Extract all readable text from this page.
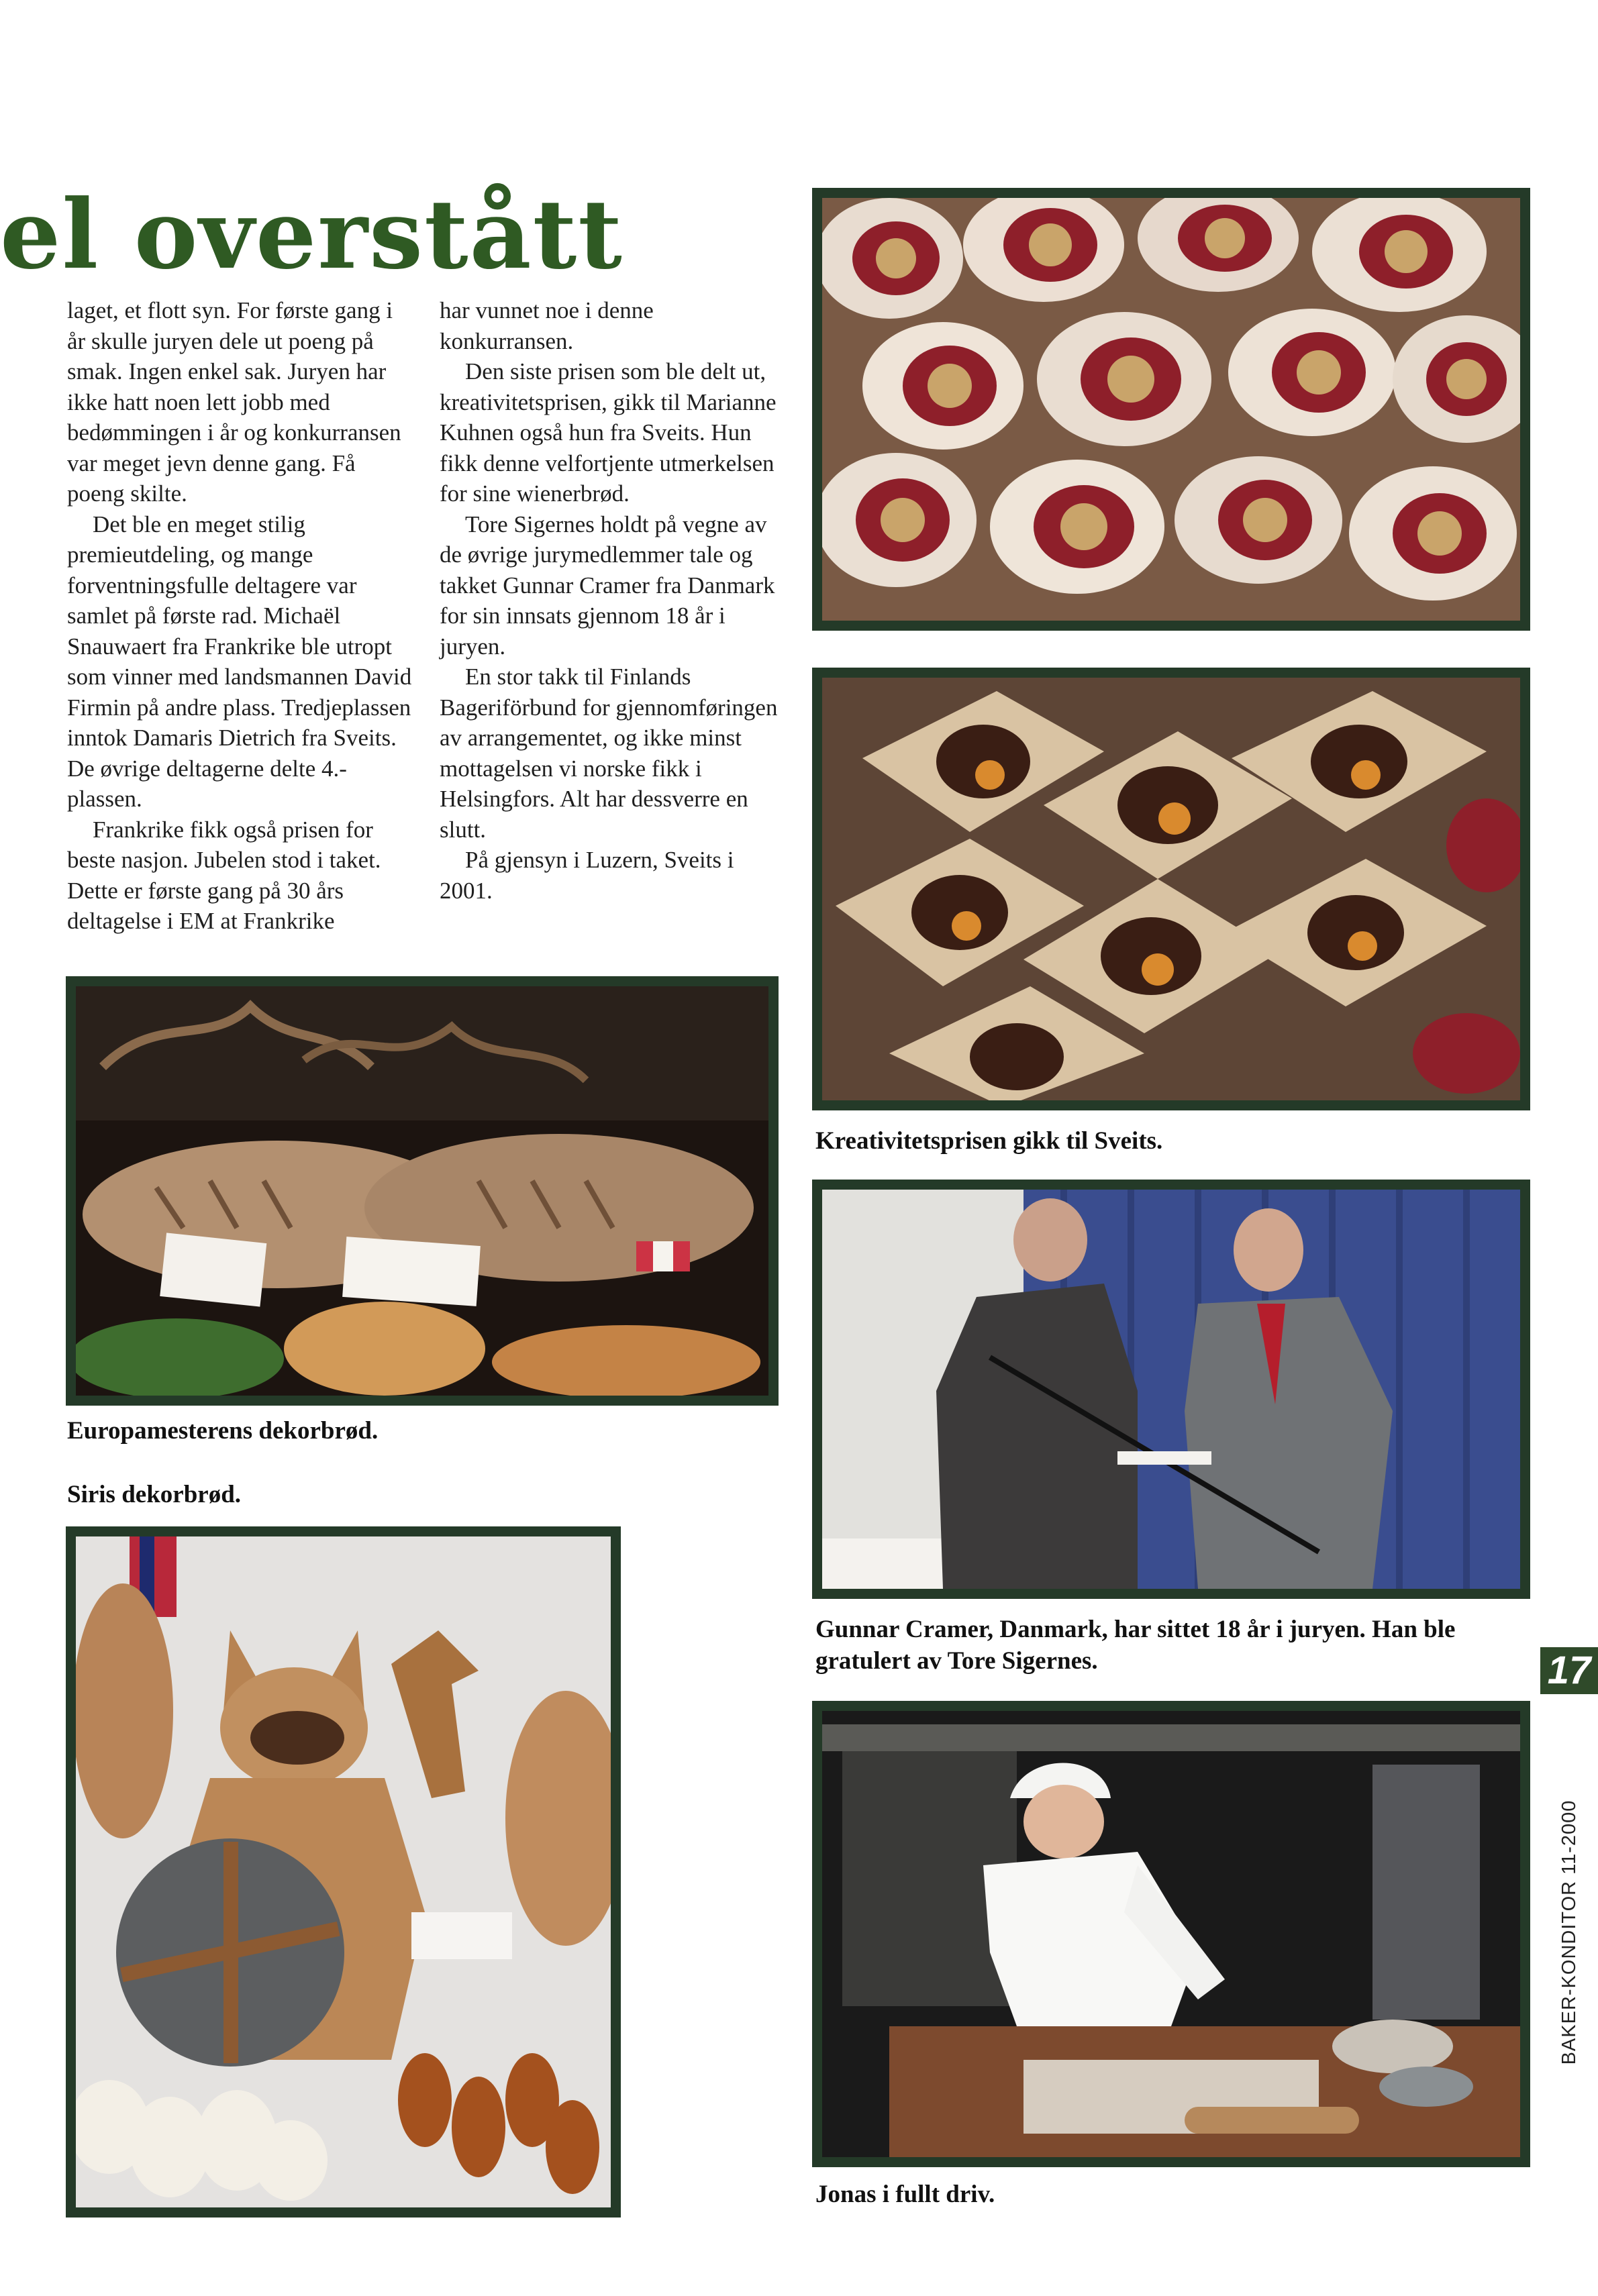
el overstått

laget, et flott syn. For første gang i år skulle juryen dele ut poeng på smak. Ingen enkel sak. Juryen har ikke hatt noen lett jobb med bedømmingen i år og konkurransen var meget jevn denne gang. Få poeng skilte.

Det ble en meget stilig premieutdeling, og mange forventningsfulle deltagere var samlet på første rad. Michaël Snauwaert fra Frankrike ble utropt som vinner med landsmannen David Firmin på andre plass. Tredjeplassen inntok Damaris Dietrich fra Sveits. De øvrige deltagerne delte 4.-plassen.

Frankrike fikk også prisen for beste nasjon. Jubelen stod i taket. Dette er første gang på 30 års deltagelse i EM at Frankrike

har vunnet noe i denne konkurransen.

Den siste prisen som ble delt ut, kreativitetsprisen, gikk til Marianne Kuhnen også hun fra Sveits. Hun fikk denne velfortjente utmerkelsen for sine wienerbrød.

Tore Sigernes holdt på vegne av de øvrige jurymedlemmer tale og takket Gunnar Cramer fra Danmark for sin innsats gjennom 18 år i juryen.

En stor takk til Finlands Bageriförbund for gjennomføringen av arrangementet, og ikke minst mottagelsen vi norske fikk i Helsingfors. Alt har dessverre en slutt.

På gjensyn i Luzern, Sveits i 2001.

Kreativitetsprisen gikk til Sveits.
Europamesterens dekorbrød.
Siris dekorbrød.
Gunnar Cramer, Danmark, har sittet 18 år i juryen. Han ble gratulert av Tore Sigernes.
Jonas i fullt driv.
17
BAKER-KONDITOR 11-2000
